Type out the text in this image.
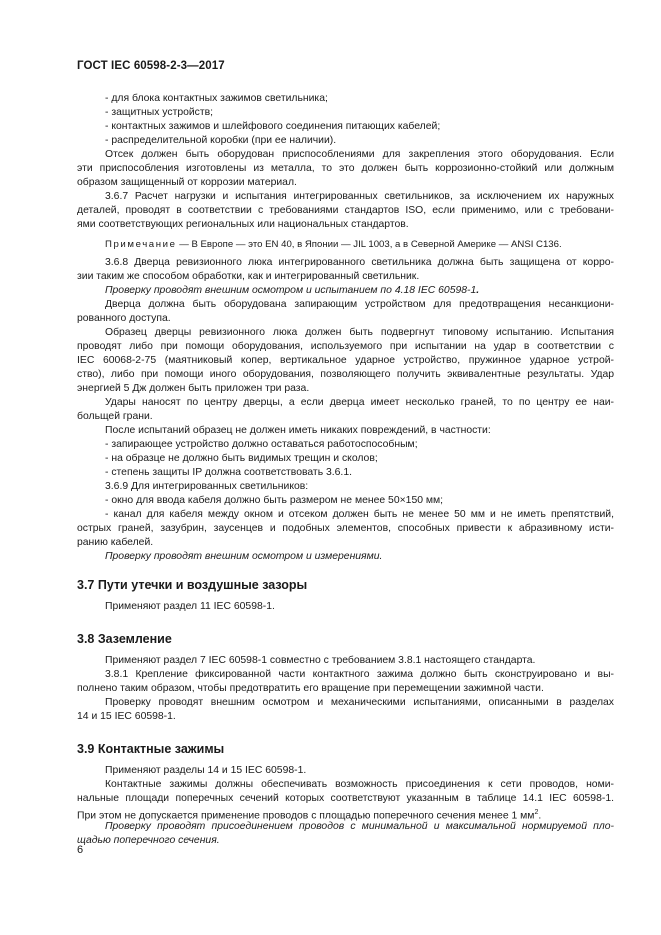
ГОСТ IEC 60598-2-3—2017
- для блока контактных зажимов светильника;
- защитных устройств;
- контактных зажимов и шлейфового соединения питающих кабелей;
- распределительной коробки (при ее наличии).
Отсек должен быть оборудован приспособлениями для закрепления этого оборудования. Если
эти приспособления изготовлены из металла, то это должен быть коррозионно-стойкий или должным
образом защищенный от коррозии материал.
3.6.7 Расчет нагрузки и испытания интегрированных светильников, за исключением их наружных
деталей, проводят в соответствии с требованиями стандартов ISO, если применимо, или с требовани-
ями соответствующих региональных или национальных стандартов.
Примечание — В Европе — это EN 40, в Японии — JIL 1003, а в Северной Америке — ANSI C136.
3.6.8 Дверца ревизионного люка интегрированного светильника должна быть защищена от корро-
зии таким же способом обработки, как и интегрированный светильник.
Проверку проводят внешним осмотром и испытанием по 4.18 IEC 60598-1.
Дверца должна быть оборудована запирающим устройством для предотвращения несанкциони-
рованного доступа.
Образец дверцы ревизионного люка должен быть подвергнут типовому испытанию. Испытания
проводят либо при помощи оборудования, используемого при испытании на удар в соответствии с
IEC 60068-2-75 (маятниковый копер, вертикальное ударное устройство, пружинное ударное устрой-
ство), либо при помощи иного оборудования, позволяющего получить эквивалентные результаты. Удар
энергией 5 Дж должен быть приложен три раза.
Удары наносят по центру дверцы, а если дверца имеет несколько граней, то по центру ее наи-
больщей грани.
После испытаний образец не должен иметь никаких повреждений, в частности:
- запирающее устройство должно оставаться работоспособным;
- на образце не должно быть видимых трещин и сколов;
- степень защиты IP должна соответствовать 3.6.1.
3.6.9 Для интегрированных светильников:
- окно для ввода кабеля должно быть размером не менее 50×150 мм;
- канал для кабеля между окном и отсеком должен быть не менее 50 мм и не иметь препятствий,
острых граней, зазубрин, заусенцев и подобных элементов, способных привести к абразивному исти-
ранию кабелей.
Проверку проводят внешним осмотром и измерениями.
3.7 Пути утечки и воздушные зазоры
Применяют раздел 11 IEC 60598-1.
3.8 Заземление
Применяют раздел 7 IEC 60598-1 совместно с требованием 3.8.1 настоящего стандарта.
3.8.1 Крепление фиксированной части контактного зажима должно быть сконструировано и вы-
полнено таким образом, чтобы предотвратить его вращение при перемещении зажимной части.
Проверку проводят внешним осмотром и механическими испытаниями, описанными в разделах
14 и 15 IEC 60598-1.
3.9 Контактные зажимы
Применяют разделы 14 и 15 IEC 60598-1.
Контактные зажимы должны обеспечивать возможность присоединения к сети проводов, номи-
нальные площади поперечных сечений которых соответствуют указанным в таблице 14.1 IEC 60598-1.
При этом не допускается применение проводов с площадью поперечного сечения менее 1 $мм^2$.
Проверку проводят присоединением проводов с минимальной и максимальной нормируемой пло-
щадью поперечного сечения.
6
